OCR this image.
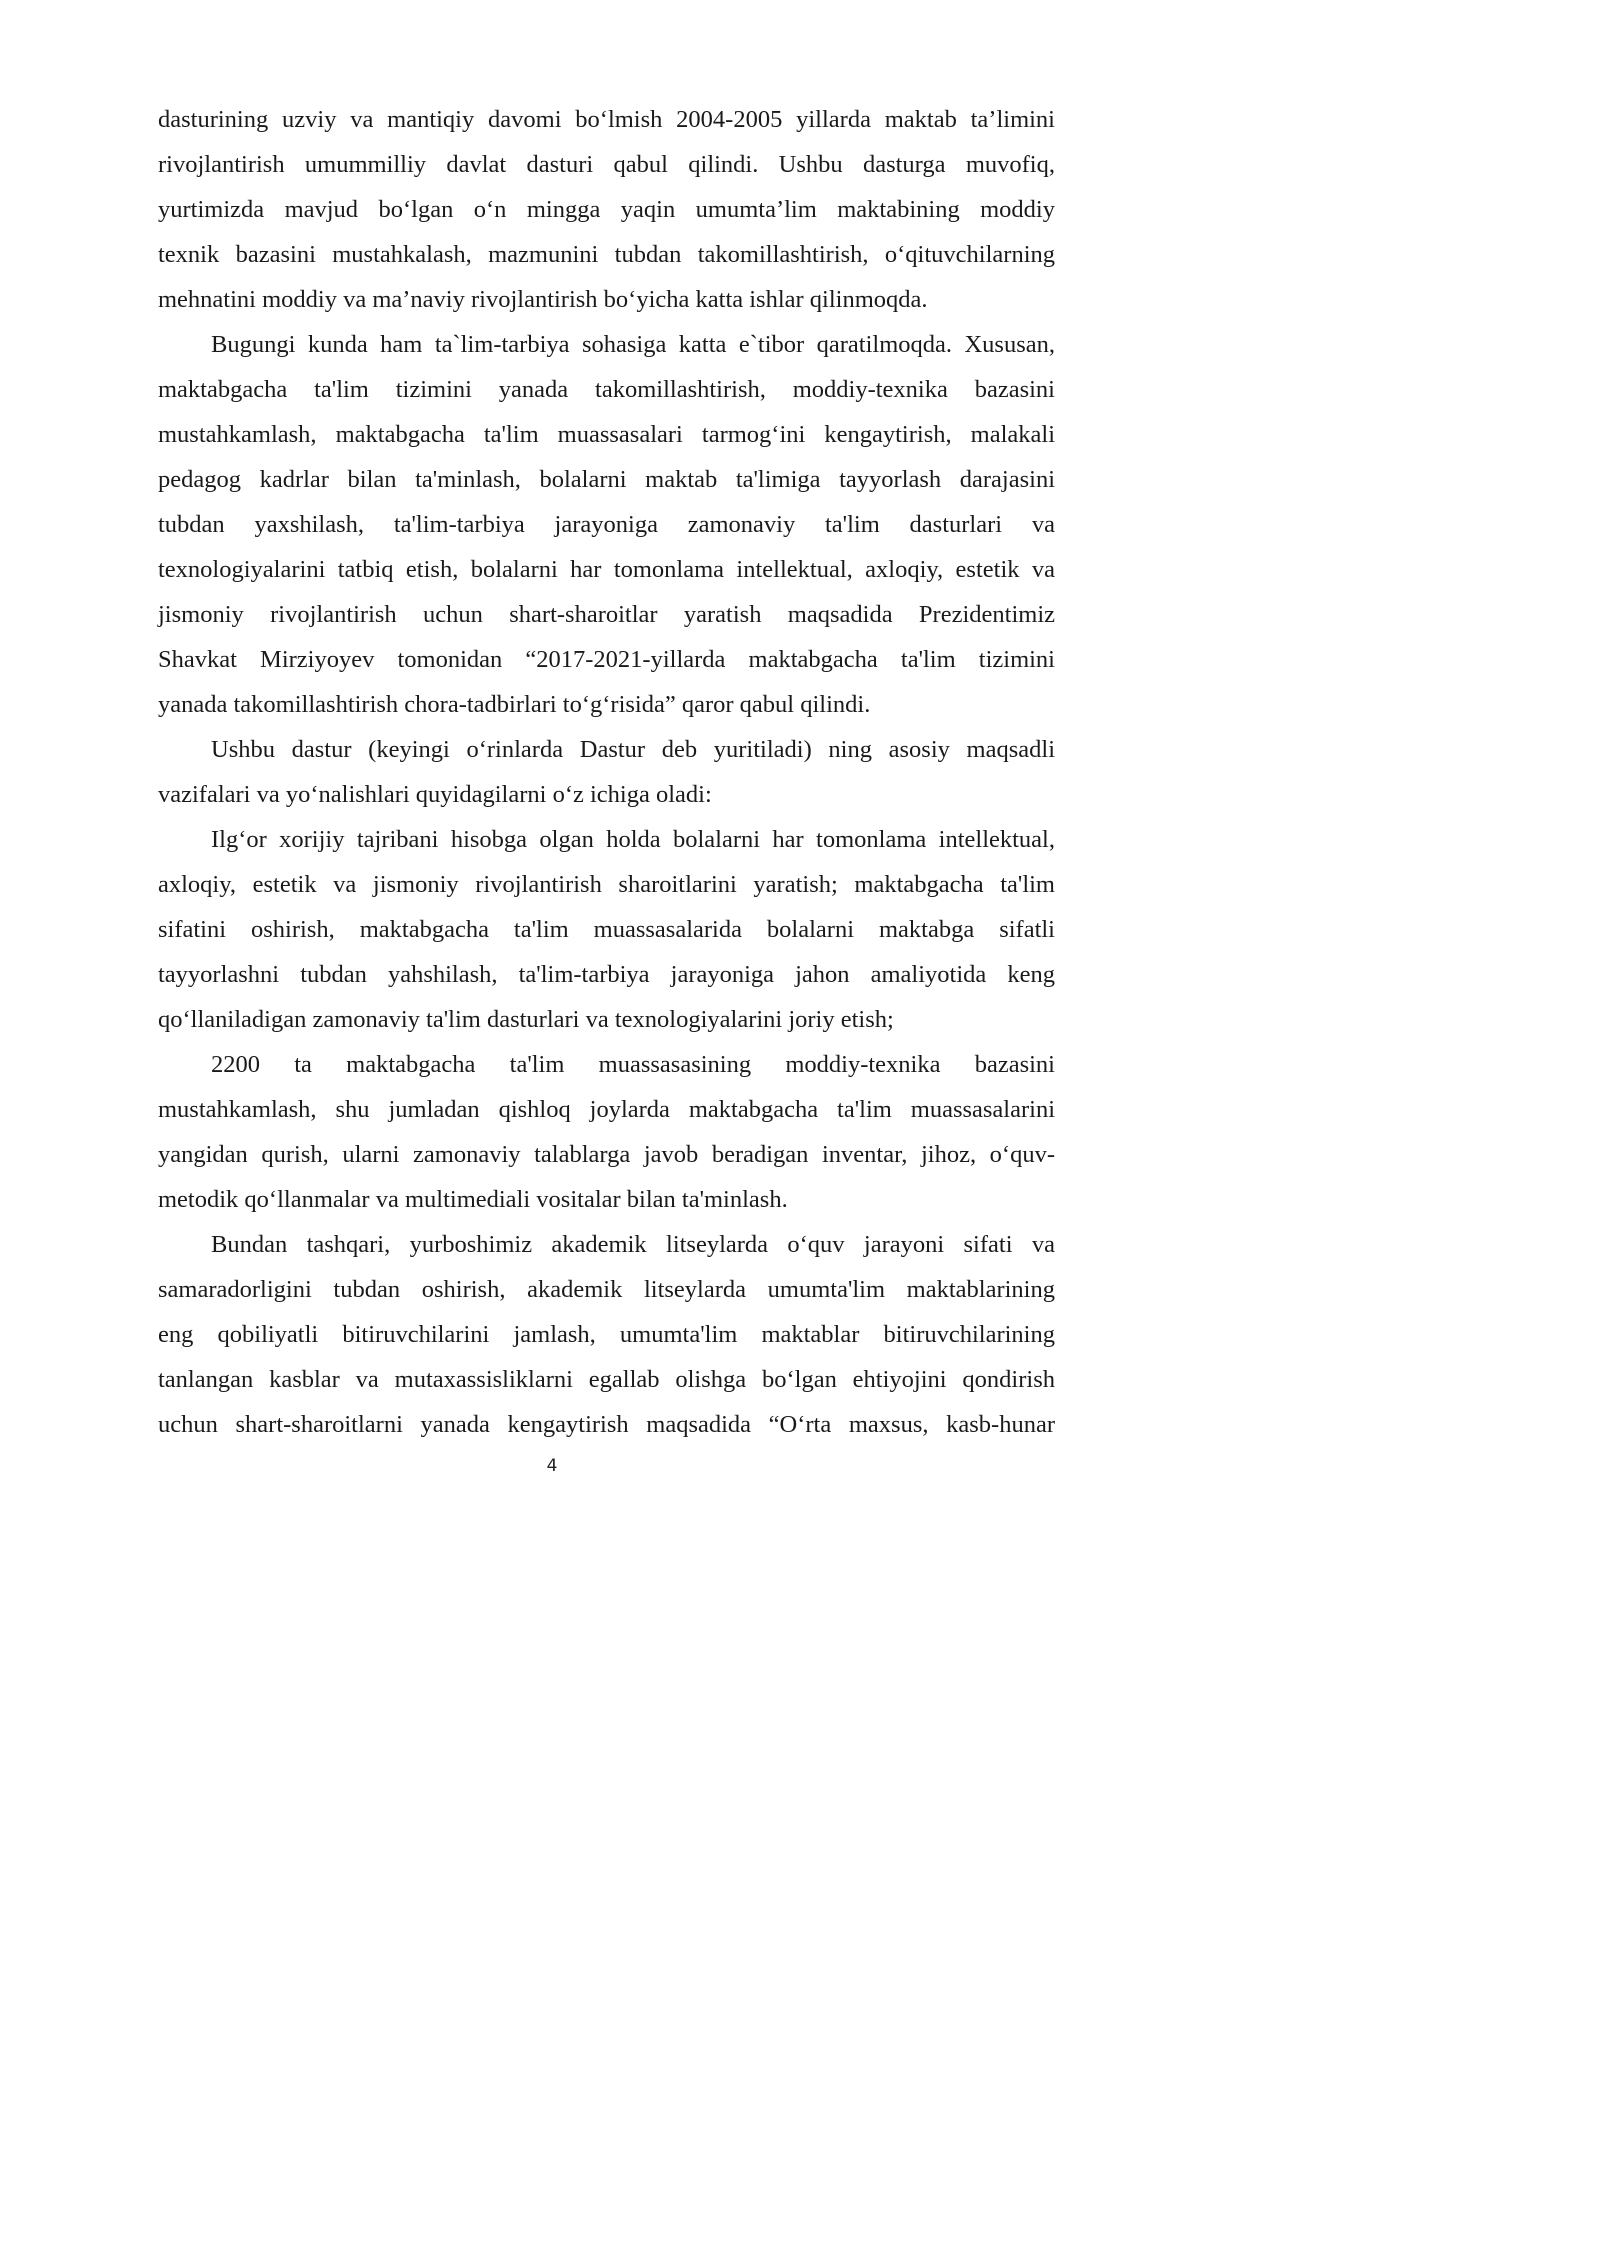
dasturining uzviy va mantiqiy davomi bo‘lmish 2004-2005 yillarda maktab ta’limini
rivojlantirish umummilliy davlat dasturi qabul qilindi. Ushbu dasturga muvofiq,
yurtimizda mavjud bo‘lgan o‘n mingga yaqin umumta’lim maktabining moddiy
texnik bazasini mustahkalash, mazmunini tubdan takomillashtirish, o‘qituvchilarning
mehnatini moddiy va ma’naviy rivojlantirish bo‘yicha katta ishlar qilinmoqda.
Bugungi kunda ham ta`lim-tarbiya sohasiga katta e`tibor qaratilmoqda. Xususan,
maktabgacha ta'lim tizimini yanada takomillashtirish, moddiy-texnika bazasini
mustahkamlash, maktabgacha ta'lim muassasalari tarmog‘ini kengaytirish, malakali
pedagog kadrlar bilan ta'minlash, bolalarni maktab ta'limiga tayyorlash darajasini
tubdan yaxshilash, ta'lim-tarbiya jarayoniga zamonaviy ta'lim dasturlari va
texnologiyalarini tatbiq etish, bolalarni har tomonlama intellektual, axloqiy, estetik va
jismoniy rivojlantirish uchun shart-sharoitlar yaratish maqsadida Prezidentimiz
Shavkat Mirziyoyev tomonidan “2017-2021-yillarda maktabgacha ta'lim tizimini
yanada takomillashtirish chora-tadbirlari to‘g‘risida” qaror qabul qilindi.
Ushbu dastur (keyingi o‘rinlarda Dastur deb yuritiladi) ning asosiy maqsadli
vazifalari va yo‘nalishlari quyidagilarni o‘z ichiga oladi:
Ilg‘or xorijiy tajribani hisobga olgan holda bolalarni har tomonlama intellektual,
axloqiy, estetik va jismoniy rivojlantirish sharoitlarini yaratish; maktabgacha ta'lim
sifatini oshirish, maktabgacha ta'lim muassasalarida bolalarni maktabga sifatli
tayyorlashni tubdan yahshilash, ta'lim-tarbiya jarayoniga jahon amaliyotida keng
qo‘llaniladigan zamonaviy ta'lim dasturlari va texnologiyalarini joriy etish;
2200 ta maktabgacha ta'lim muassasasining moddiy-texnika bazasini
mustahkamlash, shu jumladan qishloq joylarda maktabgacha ta'lim muassasalarini
yangidan qurish, ularni zamonaviy talablarga javob beradigan inventar, jihoz, o‘quv-
metodik qo‘llanmalar va multimediali vositalar bilan ta'minlash.
Bundan tashqari, yurboshimiz akademik litseylarda o‘quv jarayoni sifati va
samaradorligini tubdan oshirish, akademik litseylarda umumta'lim maktablarining
eng qobiliyatli bitiruvchilarini jamlash, umumta'lim maktablar bitiruvchilarining
tanlangan kasblar va mutaxassisliklarni egallab olishga bo‘lgan ehtiyojini qondirish
uchun shart-sharoitlarni yanada kengaytirish maqsadida “O‘rta maxsus, kasb-hunar
4
